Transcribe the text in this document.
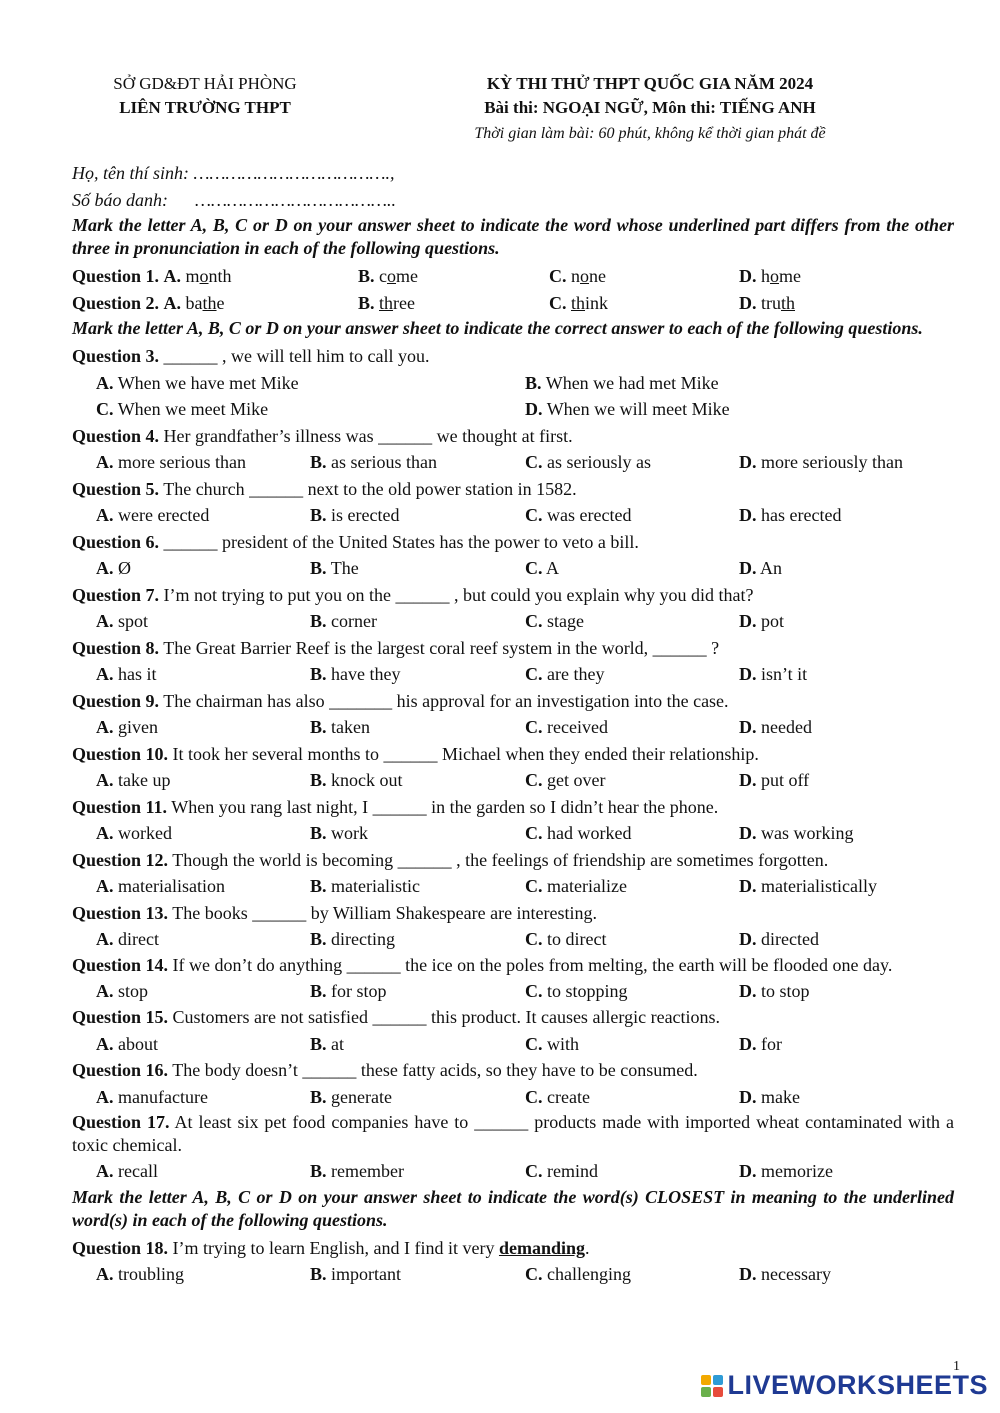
SỞ GD&ĐT HẢI PHÒNG
LIÊN TRƯỜNG THPT
KỲ THI THỬ THPT QUỐC GIA NĂM 2024
Bài thi: NGOẠI NGỮ, Môn thi: TIẾNG ANH
Thời gian làm bài: 60 phút, không kể thời gian phát đề
Họ, tên thí sinh: ……………………………….,
Số báo danh:      ………………………………..
Mark the letter A, B, C or D on your answer sheet to indicate the word whose underlined part differs from the other three in pronunciation in each of the following questions.
Question 1. A. month	B. come	C. none	D. home
Question 2. A. bathe	B. three	C. think	D. truth
Mark the letter A, B, C or D on your answer sheet to indicate the correct answer to each of the following questions.
Question 3. ______ , we will tell him to call you.
A. When we have met Mike	B. When we had met Mike
C. When we meet Mike	D. When we will meet Mike
Question 4. Her grandfather’s illness was ______ we thought at first.
A. more serious than	B. as serious than	C. as seriously as	D. more seriously than
Question 5. The church ______ next to the old power station in 1582.
A. were erected	B. is erected	C. was erected	D. has erected
Question 6. ______ president of the United States has the power to veto a bill.
A. Ø	B. The	C. A	D. An
Question 7. I’m not trying to put you on the ______ , but could you explain why you did that?
A. spot	B. corner	C. stage	D. pot
Question 8. The Great Barrier Reef is the largest coral reef system in the world, ______ ?
A. has it	B. have they	C. are they	D. isn’t it
Question 9. The chairman has also _______ his approval for an investigation into the case.
A. given	B. taken	C. received	D. needed
Question 10. It took her several months to ______ Michael when they ended their relationship.
A. take up	B. knock out	C. get over	D. put off
Question 11. When you rang last night, I ______ in the garden so I didn’t hear the phone.
A. worked	B. work	C. had worked	D. was working
Question 12. Though the world is becoming ______ , the feelings of friendship are sometimes forgotten.
A. materialisation	B. materialistic	C. materialize	D. materialistically
Question 13. The books ______ by William Shakespeare are interesting.
A. direct	B. directing	C. to direct	D. directed
Question 14. If we don’t do anything ______ the ice on the poles from melting, the earth will be flooded one day.
A. stop	B. for stop	C. to stopping	D. to stop
Question 15. Customers are not satisfied ______ this product. It causes allergic reactions.
A. about	B. at	C. with	D. for
Question 16. The body doesn’t ______ these fatty acids, so they have to be consumed.
A. manufacture	B. generate	C. create	D. make
Question 17. At least six pet food companies have to ______ products made with imported wheat contaminated with a toxic chemical.
A. recall	B. remember	C. remind	D. memorize
Mark the letter A, B, C or D on your answer sheet to indicate the word(s) CLOSEST in meaning to the underlined word(s) in each of the following questions.
Question 18. I’m trying to learn English, and I find it very demanding.
A. troubling	B. important	C. challenging	D. necessary
1
LIVEWORKSHEETS
